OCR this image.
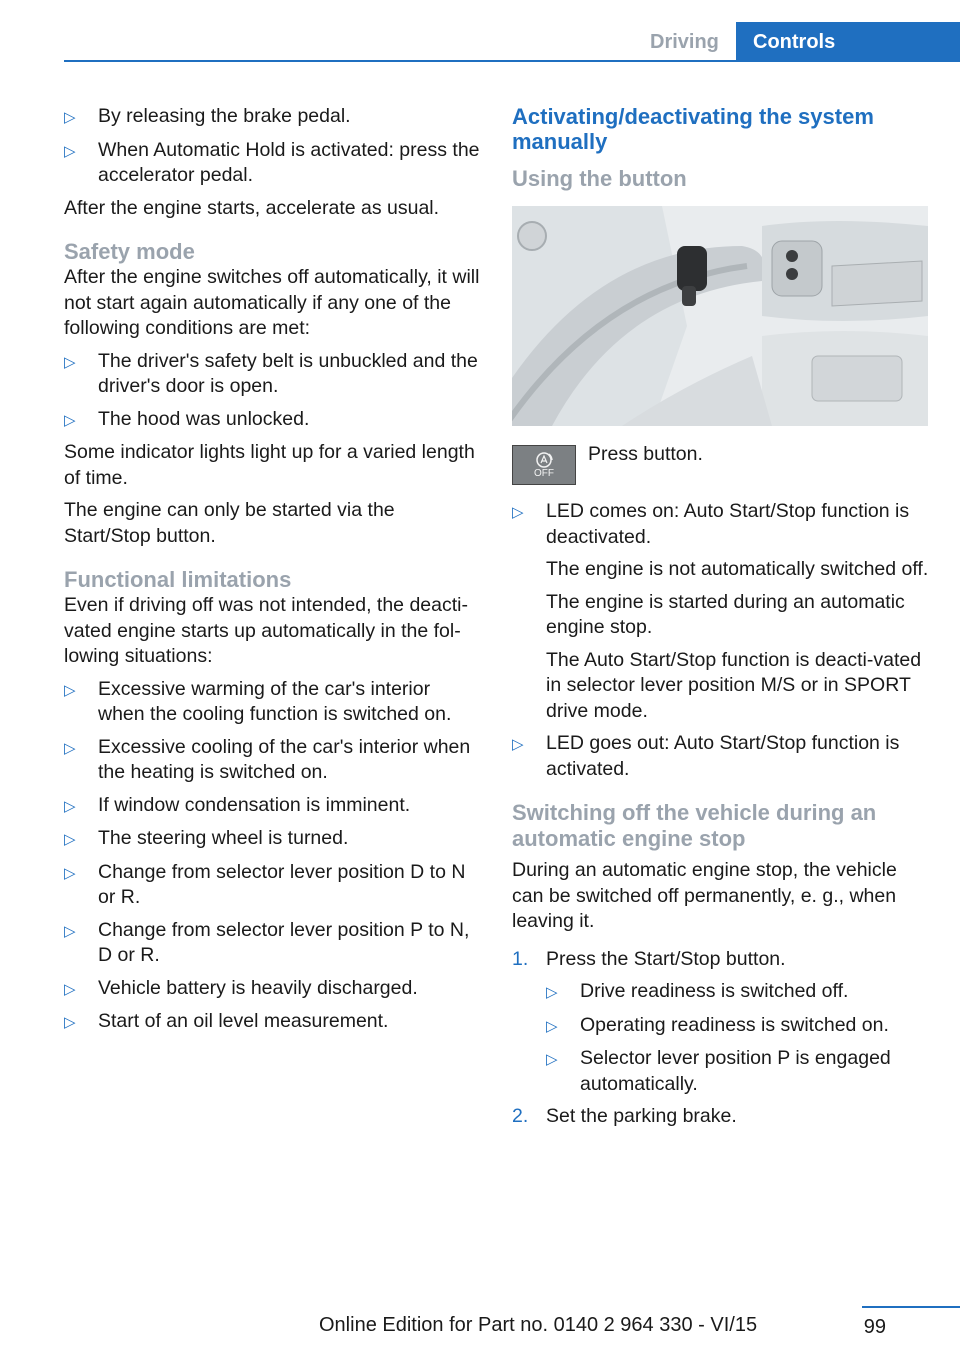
Driving	Controls
▷	By releasing the brake pedal.
▷	When Automatic Hold is activated: press the accelerator pedal.

After the engine starts, accelerate as usual.

Safety mode

After the engine switches off automatically, it will not start again automatically if any one of the following conditions are met:

▷	The driver's safety belt is unbuckled and the driver's door is open.
▷	The hood was unlocked.

Some indicator lights light up for a varied length of time.

The engine can only be started via the Start/Stop button.

Functional limitations

Even if driving off was not intended, the deacti‐vated engine starts up automatically in the fol‐lowing situations:

▷	Excessive warming of the car's interior when the cooling function is switched on.
▷	Excessive cooling of the car's interior when the heating is switched on.
▷	If window condensation is imminent.
▷	The steering wheel is turned.
▷	Change from selector lever position D to N or R.
▷	Change from selector lever position P to N, D or R.
▷	Vehicle battery is heavily discharged.
▷	Start of an oil level measurement.
Activating/deactivating the system manually
Using the button
OFF

Press button.

▷	LED comes on: Auto Start/Stop function is deactivated.

The engine is not automatically switched off.

The engine is started during an automatic engine stop.

The Auto Start/Stop function is deacti‐vated in selector lever position M/S or in SPORT drive mode.

▷	LED goes out: Auto Start/Stop function is activated.
Switching off the vehicle during an automatic engine stop

During an automatic engine stop, the vehicle can be switched off permanently, e. g., when leaving it.

1. Press the Start/Stop button.

▷	Drive readiness is switched off.
▷	Operating readiness is switched on.
▷	Selector lever position P is engaged automatically.
2. Set the parking brake.
99
Online Edition for Part no. 0140 2 964 330 - VI/15
